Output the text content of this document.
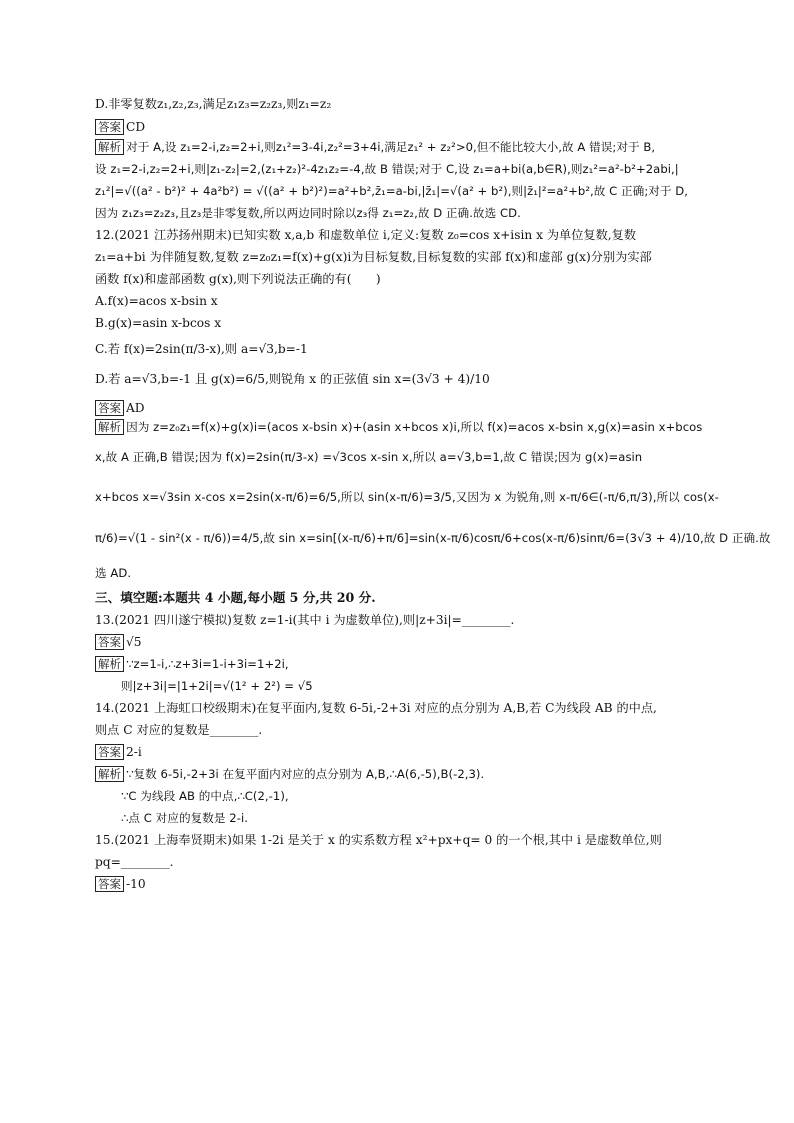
D.非零复数z₁,z₂,z₃,满足z₁z₃=z₂z₃,则z₁=z₂
答案 CD
解析 对于 A,设 z₁=2-i,z₂=2+i,则z₁²=3-4i,z₂²=3+4i,满足z₁² + z₂²>0,但不能比较大小,故 A 错误;对于 B,
设 z₁=2-i,z₂=2+i,则|z₁-z₂|=2,(z₁+z₂)²-4z₁z₂=-4,故 B 错误;对于 C,设 z₁=a+bi(a,b∈R),则z₁²=a²-b²+2abi,|
z₁²|=√((a² - b²)² + 4a²b²) = √((a² + b²)²)=a²+b²,z̄₁=a-bi,|z̄₁|=√(a² + b²),则|z̄₁|²=a²+b²,故 C 正确;对于 D,
因为 z₁z₃=z₂z₃,且z₃是非零复数,所以两边同时除以z₃得 z₁=z₂,故 D 正确.故选 CD.
12.(2021 江苏扬州期末)已知实数 x,a,b 和虚数单位 i,定义:复数 z₀=cos x+isin x 为单位复数,复数
z₁=a+bi 为伴随复数,复数 z=z₀z₁=f(x)+g(x)i为目标复数,目标复数的实部 f(x)和虚部 g(x)分别为实部
函数 f(x)和虚部函数 g(x),则下列说法正确的有(　　)
A.f(x)=acos x-bsin x
B.g(x)=asin x-bcos x
C.若 f(x)=2sin(π/3-x),则 a=√3,b=-1
D.若 a=√3,b=-1 且 g(x)=6/5,则锐角 x 的正弦值 sin x=(3√3 + 4)/10
答案 AD
解析 因为 z=z₀z₁=f(x)+g(x)i=(acos x-bsin x)+(asin x+bcos x)i,所以 f(x)=acos x-bsin x,g(x)=asin x+bcos
x,故 A 正确,B 错误;因为 f(x)=2sin(π/3-x) =√3cos x-sin x,所以 a=√3,b=1,故 C 错误;因为 g(x)=asin
x+bcos x=√3sin x-cos x=2sin(x-π/6)=6/5,所以 sin(x-π/6)=3/5,又因为 x 为锐角,则 x-π/6∈(-π/6,π/3),所以 cos(x-
π/6)=√(1 - sin²(x - π/6))=4/5,故 sin x=sin[(x-π/6)+π/6]=sin(x-π/6)cosπ/6+cos(x-π/6)sinπ/6=(3√3 + 4)/10,故 D 正确.故
选 AD.
三、填空题:本题共 4 小题,每小题 5 分,共 20 分.
13.(2021 四川遂宁模拟)复数 z=1-i(其中 i 为虚数单位),则|z+3i|=________.
答案 √5
解析 ∵z=1-i,∴z+3i=1-i+3i=1+2i,
则|z+3i|=|1+2i|=√(1² + 2²) = √5
14.(2021 上海虹口校级期末)在复平面内,复数 6-5i,-2+3i 对应的点分别为 A,B,若 C为线段 AB 的中点,
则点 C 对应的复数是________.
答案 2-i
解析 ∵复数 6-5i,-2+3i 在复平面内对应的点分别为 A,B,∴A(6,-5),B(-2,3).
∵C 为线段 AB 的中点,∴C(2,-1),
∴点 C 对应的复数是 2-i.
15.(2021 上海奉贤期末)如果 1-2i 是关于 x 的实系数方程 x²+px+q= 0 的一个根,其中 i 是虚数单位,则
pq=________.
答案 -10
